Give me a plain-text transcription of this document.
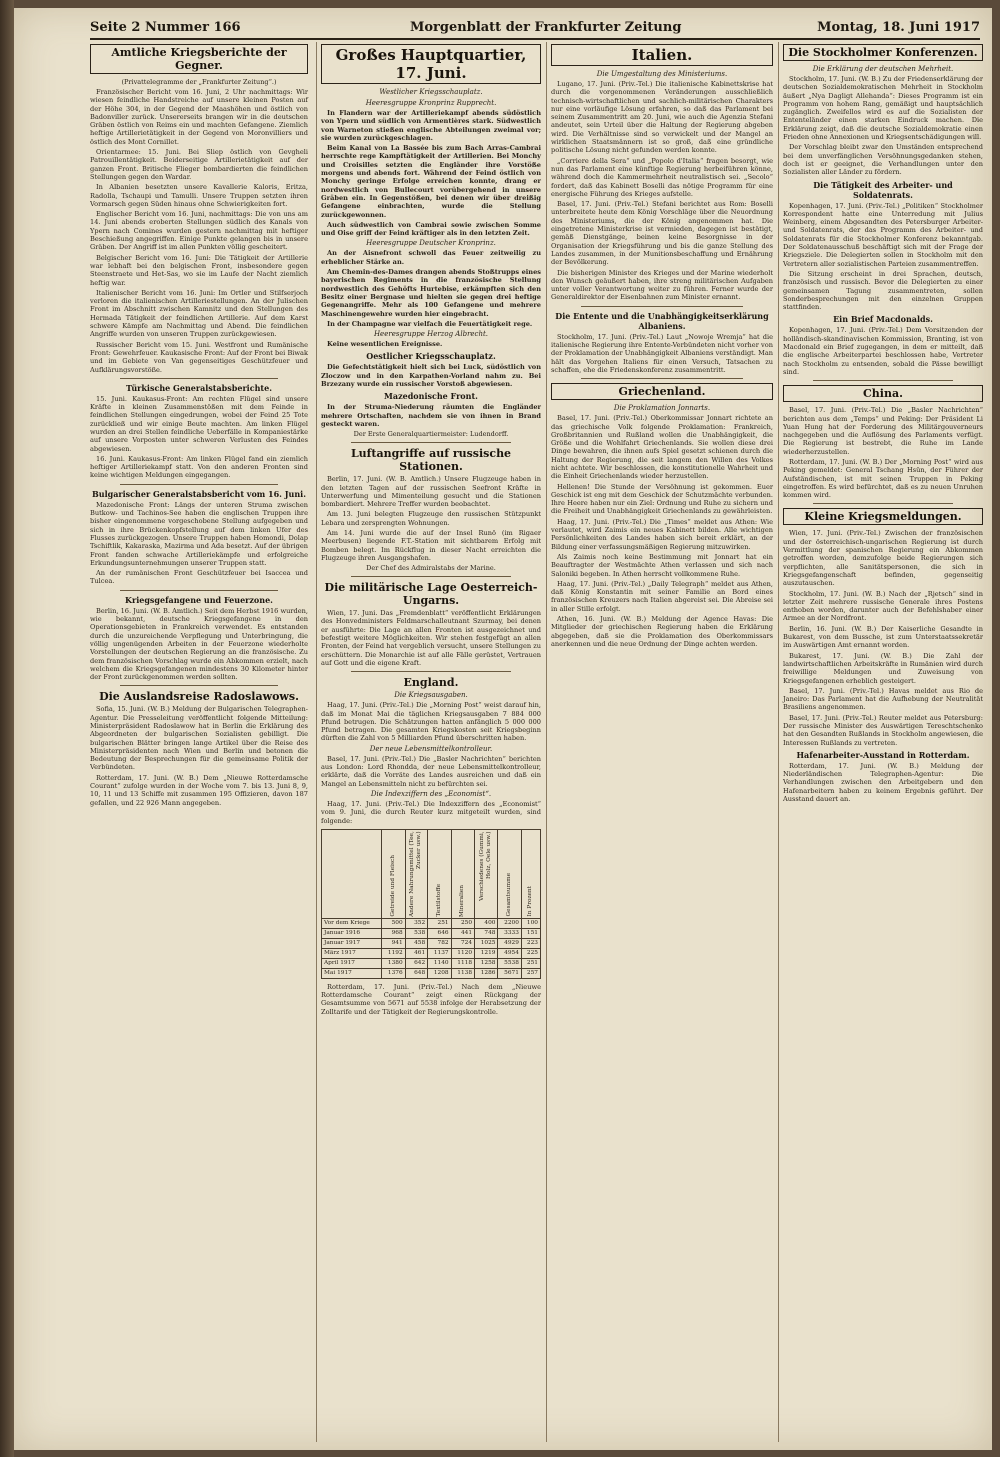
Seite 2 Nummer 166	Morgenblatt der Frankfurter Zeitung	Montag, 18. Juni 1917
Amtliche Kriegsberichte der Gegner.
(Privattelegramme der „Frankfurter Zeitung“.)

Französischer Bericht vom 16. Juni, 2 Uhr nachmittags: Wir wiesen feindliche Handstreiche auf unsere kleinen Posten auf der Höhe 304, in der Gegend der Maashöhen und östlich von Badonviller zurück. Unsererseits brangen wir in die deutschen Gräben östlich von Reims ein und machten Gefangene. Ziemlich heftige Artillerietätigkeit in der Gegend von Moronvilliers und östlich des Mont Cornillet.

Orientarmee: 15. Juni. Bei Sliep östlich von Gevgheli Patrouillentätigkeit. Beiderseitige Artillerietätigkeit auf der ganzen Front. Britische Flieger bombardierten die feindlichen Stellungen gegen den Wardar.

In Albanien besetzten unsere Kavallerie Kaloris, Eritza, Radolla, Tschaupi und Tamulli. Unsere Truppen setzten ihren Vormarsch gegen Süden hinaus ohne Schwierigkeiten fort.

Englischer Bericht vom 16. Juni, nachmittags: Die von uns am 14. Juni abends eroberten Stellungen südlich des Kanals von Ypern nach Comines wurden gestern nachmittag mit heftiger Beschießung angegriffen. Einige Punkte gelangen bis in unsere Gräben. Der Angriff ist im allen Punkten völlig gescheitert.

Belgischer Bericht vom 16. Juni: Die Tätigkeit der Artillerie war lebhaft bei den belgischen Front, insbesondere gegen Steenstraete und Het-Sas, wo sie im Laufe der Nacht ziemlich heftig war.

Italienischer Bericht vom 16. Juni: Im Ortler und Stilfserjoch verloren die italienischen Artilleriestellungen. An der Julischen Front im Abschnitt zwischen Kamnitz und den Stellungen des Hermada Tätigkeit der feindlichen Artillerie. Auf dem Karst schwere Kämpfe am Nachmittag und Abend. Die feindlichen Angriffe wurden von unseren Truppen zurückgewiesen.

Russischer Bericht vom 15. Juni. Westfront und Rumänische Front: Gewehrfeuer. Kaukasische Front: Auf der Front bei Biwak und im Gebiete von Van gegenseitiges Geschützfeuer und Aufklärungsvorstöße.

Türkische Generalstabsberichte.

15. Juni. Kaukasus-Front: Am rechten Flügel sind unsere Kräfte in kleinen Zusammenstößen mit dem Feinde in feindlichen Stellungen eingedrungen, wobei der Feind 25 Tote zurückließ und wir einige Beute machten. Am linken Flügel wurden an drei Stellen feindliche Ueberfälle in Kompaniestärke auf unsere Vorposten unter schweren Verlusten des Feindes abgewiesen.

16. Juni. Kaukasus-Front: Am linken Flügel fand ein ziemlich heftiger Artilleriekampf statt. Von den anderen Fronten sind keine wichtigen Meldungen eingegangen.

Bulgarischer Generalstabsbericht vom 16. Juni.

Mazedonische Front: Längs der unteren Struma zwischen Butkow- und Tachinos-See haben die englischen Truppen ihre bisher eingenommene vorgeschobene Stellung aufgegeben und sich in ihre Brückenkopfstellung auf dem linken Ufer des Flusses zurückgezogen. Unsere Truppen haben Homondi, Dolap Tschiftlik, Kakaraska, Mazirma und Ada besetzt. Auf der übrigen Front fanden schwache Artilleriekämpfe und erfolgreiche Erkundungsunternehmungen unserer Truppen statt.

An der rumänischen Front Geschützfeuer bei Isaccea und Tulcea.

Kriegsgefangene und Feuerzone.

Berlin, 16. Juni. (W. B. Amtlich.) Seit dem Herbst 1916 wurden, wie bekannt, deutsche Kriegsgefangene in den Operationsgebieten in Frankreich verwendet. Es entstanden durch die unzureichende Verpflegung und Unterbringung, die völlig ungenügenden Arbeiten in der Feuerzone wiederholte Vorstellungen der deutschen Regierung an die französische. Zu dem französischen Vorschlag wurde ein Abkommen erzielt, nach welchem die Kriegsgefangenen mindestens 30 Kilometer hinter der Front zurückgenommen werden sollten.

Die Auslandsreise Radoslawows.

Sofia, 15. Juni. (W. B.) Meldung der Bulgarischen Telegraphen-Agentur. Die Presseleitung veröffentlicht folgende Mitteilung: Ministerpräsident Radoslawow hat in Berlin die Erklärung des Abgeordneten der bulgarischen Sozialisten gebilligt. Die bulgarischen Blätter bringen lange Artikel über die Reise des Ministerpräsidenten nach Wien und Berlin und betonen die Bedeutung der Besprechungen für die gemeinsame Politik der Verbündeten.

Rotterdam, 17. Juni. (W. B.) Dem „Nieuwe Rotterdamsche Courant“ zufolge wurden in der Woche vom 7. bis 13. Juni 8, 9, 10, 11 und 13 Schiffe mit zusammen 195 Offizieren, davon 187 gefallen, und 22 926 Mann angegeben.

Großes Hauptquartier, 17. Juni.
Westlicher Kriegsschauplatz.
Heeresgruppe Kronprinz Rupprecht.

In Flandern war der Artilleriekampf abends südöstlich von Ypern und südlich von Armentières stark. Südwestlich von Warneton stießen englische Abteilungen zweimal vor; sie wurden zurückgeschlagen.

Beim Kanal von La Bassée bis zum Bach Arras-Cambrai herrschte rege Kampftätigkeit der Artillerien. Bei Monchy und Croisilles setzten die Engländer ihre Vorstöße morgens und abends fort. Während der Feind östlich von Monchy geringe Erfolge erreichen konnte, drang er nordwestlich von Bullecourt vorübergehend in unsere Gräben ein. In Gegenstößen, bei denen wir über dreißig Gefangene einbrachten, wurde die Stellung zurückgewonnen.

Auch südwestlich von Cambrai sowie zwischen Somme und Oise griff der Feind kräftiger als in den letzten Zeit.

Heeresgruppe Deutscher Kronprinz.

An der Aisnefront schwoll das Feuer zeitweilig zu erheblicher Stärke an.

Am Chemin-des-Dames drangen abends Stoßtrupps eines bayerischen Regiments in die französische Stellung nordwestlich des Gehöfts Hurtebise, erkämpften sich den Besitz einer Bergnase und hielten sie gegen drei heftige Gegenangriffe. Mehr als 100 Gefangene und mehrere Maschinengewehre wurden hier eingebracht.

In der Champagne war vielfach die Feuertätigkeit rege.

Heeresgruppe Herzog Albrecht.

Keine wesentlichen Ereignisse.

Oestlicher Kriegsschauplatz.

Die Gefechtstätigkeit hielt sich bei Luck, südöstlich von Zloczow und in den Karpathen-Vorland nahm zu. Bei Brzezany wurde ein russischer Vorstoß abgewiesen.

Mazedonische Front.

In der Struma-Niederung räumten die Engländer mehrere Ortschaften, nachdem sie von ihnen in Brand gesteckt waren.

Der Erste Generalquartiermeister: Ludendorff.
Luftangriffe auf russische Stationen.

Berlin, 17. Juni. (W. B. Amtlich.) Unsere Flugzeuge haben in den letzten Tagen auf der russischen Seefront Kräfte in Unterwerfung und Mimenteilung gesucht und die Stationen bombardiert. Mehrere Treffer wurden beobachtet.

Am 13. Juni belegten Flugzeuge den russischen Stützpunkt Lebara und zersprengten Wohnungen.

Am 14. Juni wurde die auf der Insel Runö (im Rigaer Meerbusen) liegende F.T.-Station mit sichtbarem Erfolg mit Bomben belegt. Im Rückflug in dieser Nacht erreichten die Flugzeuge ihren Ausgangshafen.

Der Chef des Admiralstabs der Marine.
Die militärische Lage Oesterreich-Ungarns.

Wien, 17. Juni. Das „Fremdenblatt“ veröffentlicht Erklärungen des Honvedministers Feldmarschalleutnant Szurmay, bei denen er ausführte: Die Lage an allen Fronten ist ausgezeichnet und befestigt weitere Möglichkeiten. Wir stehen festgefügt an allen Fronten, der Feind hat vergeblich versucht, unsere Stellungen zu erschüttern. Die Monarchie ist auf alle Fälle gerüstet, Vertrauen auf Gott und die eigene Kraft.

England.
Die Kriegsausgaben.

Haag, 17. Juni. (Priv.-Tel.) Die „Morning Post“ weist darauf hin, daß im Monat Mai die täglichen Kriegsausgaben 7 884 000 Pfund betrugen. Die Schätzungen hatten anfänglich 5 000 000 Pfund betragen. Die gesamten Kriegskosten seit Kriegsbeginn dürften die Zahl von 5 Milliarden Pfund überschritten haben.

Der neue Lebensmittelkontrolleur.

Basel, 17. Juni. (Priv.-Tel.) Die „Basler Nachrichten“ berichten aus London: Lord Rhondda, der neue Lebensmittelkontrolleur, erklärte, daß die Vorräte des Landes ausreichen und daß ein Mangel an Lebensmitteln nicht zu befürchten sei.

Die Indexziffern des „Economist“.

Haag, 17. Juni. (Priv.-Tel.) Die Indexziffern des „Economist“ vom 9. Juni, die durch Reuter kurz mitgeteilt wurden, sind folgende:

	Getreide und Fleisch	Andere Nahrungsmittel (Tee, Zucker usw.)	Textilstoffe	Mineralien	Verschiedenes (Gummi, Holz, Oele usw.)	Gesamtsumme	In Prozent

Vor dem Kriege	500	352	251	250	400	2200	100
Januar 1916	968	538	646	441	748	3333	151
Januar 1917	941	458	782	724	1025	4929	223
März 1917	1192	461	1137	1120	1219	4954	225
April 1917	1380	642	1140	1118	1258	5538	251
Mai 1917	1376	648	1208	1138	1286	5671	257

Rotterdam, 17. Juni. (Priv.-Tel.) Nach dem „Nieuwe Rotterdamsche Courant“ zeigt einen Rückgang der Gesamtsumme von 5671 auf 5538 infolge der Herabsetzung der Zolltarife und der Tätigkeit der Regierungskontrolle.

Italien.
Die Umgestaltung des Ministeriums.

Lugano, 17. Juni. (Priv.-Tel.) Die italienische Kabinettskrise hat durch die vorgenommenen Veränderungen ausschließlich technisch-wirtschaftlichen und sachlich-militärischen Charakters nur eine vorläufige Lösung erfahren, so daß das Parlament bei seinem Zusammentritt am 20. Juni, wie auch die Agenzia Stefani andeutet, sein Urteil über die Haltung der Regierung abgeben wird. Die Verhältnisse sind so verwickelt und der Mangel an wirklichen Staatsmännern ist so groß, daß eine gründliche politische Lösung nicht gefunden werden konnte.

„Corriere della Sera“ und „Popolo d'Italia“ fragen besorgt, wie nun das Parlament eine künftige Regierung herbeiführen könne, während doch die Kammermehrheit neutralistisch sei. „Secolo“ fordert, daß das Kabinett Boselli das nötige Programm für eine energische Führung des Krieges aufstelle.

Basel, 17. Juni. (Priv.-Tel.) Stefani berichtet aus Rom: Boselli unterbreitete heute dem König Vorschläge über die Neuordnung des Ministeriums, die der König angenommen hat. Die eingetretene Ministerkrise ist vermieden, dagegen ist bestätigt, gemäß Dienstgänge, beinen keine Besorgnisse in der Organisation der Kriegsführung und bis die ganze Stellung des Landes zusammen, in der Munitionsbeschaffung und Ernährung der Bevölkerung.

Die bisherigen Minister des Krieges und der Marine wiederholt den Wunsch geäußert haben, ihre streng militärischen Aufgaben unter voller Verantwortung weiter zu führen. Ferner wurde der Generaldirektor der Eisenbahnen zum Minister ernannt.

Die Entente und die Unabhängigkeitserklärung Albaniens.

Stockholm, 17. Juni. (Priv.-Tel.) Laut „Nowoje Wremja“ hat die italienische Regierung ihre Entente-Verbündeten nicht vorher von der Proklamation der Unabhängigkeit Albaniens verständigt. Man hält das Vorgehen Italiens für einen Versuch, Tatsachen zu schaffen, ehe die Friedenskonferenz zusammentritt.

Griechenland.
Die Proklamation Jonnarts.

Basel, 17. Juni. (Priv.-Tel.) Oberkommissar Jonnart richtete an das griechische Volk folgende Proklamation: Frankreich, Großbritannien und Rußland wollen die Unabhängigkeit, die Größe und die Wohlfahrt Griechenlands. Sie wollen diese drei Dinge bewahren, die ihnen aufs Spiel gesetzt schienen durch die Haltung der Regierung, die seit langem den Willen des Volkes nicht achtete. Wir beschlossen, die konstitutionelle Wahrheit und die Einheit Griechenlands wieder herzustellen.

Hellenen! Die Stunde der Versöhnung ist gekommen. Euer Geschick ist eng mit dem Geschick der Schutzmächte verbunden. Ihre Heere haben nur ein Ziel: Ordnung und Ruhe zu sichern und die Freiheit und Unabhängigkeit Griechenlands zu gewährleisten.

Haag, 17. Juni. (Priv.-Tel.) Die „Times“ meldet aus Athen: Wie verlautet, wird Zaimis ein neues Kabinett bilden. Alle wichtigen Persönlichkeiten des Landes haben sich bereit erklärt, an der Bildung einer verfassungsmäßigen Regierung mitzuwirken.

Als Zaimis noch keine Bestimmung mit Jonnart hat ein Beauftragter der Westmächte Athen verlassen und sich nach Saloniki begeben. In Athen herrscht vollkommene Ruhe.

Haag, 17. Juni. (Priv.-Tel.) „Daily Telegraph“ meldet aus Athen, daß König Konstantin mit seiner Familie an Bord eines französischen Kreuzers nach Italien abgereist sei. Die Abreise sei in aller Stille erfolgt.

Athen, 16. Juni. (W. B.) Meldung der Agence Havas: Die Mitglieder der griechischen Regierung haben die Erklärung abgegeben, daß sie die Proklamation des Oberkommissars anerkennen und die neue Ordnung der Dinge achten werden.

Die Stockholmer Konferenzen.
Die Erklärung der deutschen Mehrheit.

Stockholm, 17. Juni. (W. B.) Zu der Friedenserklärung der deutschen Sozialdemokratischen Mehrheit in Stockholm äußert „Nya Dagligt Allehanda“: Dieses Programm ist ein Programm von hohem Rang, gemäßigt und hauptsächlich zugänglich. Zweifellos wird es auf die Sozialisten der Ententeländer einen starken Eindruck machen. Die Erklärung zeigt, daß die deutsche Sozialdemokratie einen Frieden ohne Annexionen und Kriegsentschädigungen will.

Der Vorschlag bleibt zwar den Umständen entsprechend bei dem unverfänglichen Versöhnungsgedanken stehen, doch ist er geeignet, die Verhandlungen unter den Sozialisten aller Länder zu fördern.

Die Tätigkeit des Arbeiter- und Soldatenrats.

Kopenhagen, 17. Juni. (Priv.-Tel.) „Politiken“ Stockholmer Korrespondent hatte eine Unterredung mit Julius Weinberg, einem Abgesandten des Petersburger Arbeiter- und Soldatenrats, der das Programm des Arbeiter- und Soldatenrats für die Stockholmer Konferenz bekanntgab. Der Soldatenausschuß beschäftigt sich mit der Frage der Kriegsziele. Die Delegierten sollen in Stockholm mit den Vertretern aller sozialistischen Parteien zusammentreffen.

Die Sitzung erscheint in drei Sprachen, deutsch, französisch und russisch. Bevor die Delegierten zu einer gemeinsamen Tagung zusammentreten, sollen Sonderbesprechungen mit den einzelnen Gruppen stattfinden.

Ein Brief Macdonalds.

Kopenhagen, 17. Juni. (Priv.-Tel.) Dem Vorsitzenden der holländisch-skandinavischen Kommission, Branting, ist von Macdonald ein Brief zugegangen, in dem er mitteilt, daß die englische Arbeiterpartei beschlossen habe, Vertreter nach Stockholm zu entsenden, sobald die Pässe bewilligt sind.

China.

Basel, 17. Juni. (Priv.-Tel.) Die „Basler Nachrichten“ berichten aus dem „Temps“ und Peking: Der Präsident Li Yuan Hung hat der Forderung des Militärgouverneurs nachgegeben und die Auflösung des Parlaments verfügt. Die Regierung ist bestrebt, die Ruhe im Lande wiederherzustellen.

Rotterdam, 17. Juni. (W. B.) Der „Morning Post“ wird aus Peking gemeldet: General Tschang Hsün, der Führer der Aufständischen, ist mit seinen Truppen in Peking eingetroffen. Es wird befürchtet, daß es zu neuen Unruhen kommen wird.

Kleine Kriegsmeldungen.

Wien, 17. Juni. (Priv.-Tel.) Zwischen der französischen und der österreichisch-ungarischen Regierung ist durch Vermittlung der spanischen Regierung ein Abkommen getroffen worden, demzufolge beide Regierungen sich verpflichten, alle Sanitätspersonen, die sich in Kriegsgefangenschaft befinden, gegenseitig auszutauschen.

Stockholm, 17. Juni. (W. B.) Nach der „Rjetsch“ sind in letzter Zeit mehrere russische Generale ihres Postens enthoben worden, darunter auch der Befehlshaber einer Armee an der Nordfront.

Berlin, 16. Juni. (W. B.) Der Kaiserliche Gesandte in Bukarest, von dem Bussche, ist zum Unterstaatssekretär im Auswärtigen Amt ernannt worden.

Bukarest, 17. Juni. (W. B.) Die Zahl der landwirtschaftlichen Arbeitskräfte in Rumänien wird durch freiwillige Meldungen und Zuweisung von Kriegsgefangenen erheblich gesteigert.

Basel, 17. Juni. (Priv.-Tel.) Havas meldet aus Rio de Janeiro: Das Parlament hat die Aufhebung der Neutralität Brasiliens angenommen.

Basel, 17. Juni. (Priv.-Tel.) Reuter meldet aus Petersburg: Der russische Minister des Auswärtigen Tereschtschenko hat den Gesandten Rußlands in Stockholm angewiesen, die Interessen Rußlands zu vertreten.

Hafenarbeiter-Ausstand in Rotterdam.

Rotterdam, 17. Juni. (W. B.) Meldung der Niederländischen Telegraphen-Agentur: Die Verhandlungen zwischen den Arbeitgebern und den Hafenarbeitern haben zu keinem Ergebnis geführt. Der Ausstand dauert an.
